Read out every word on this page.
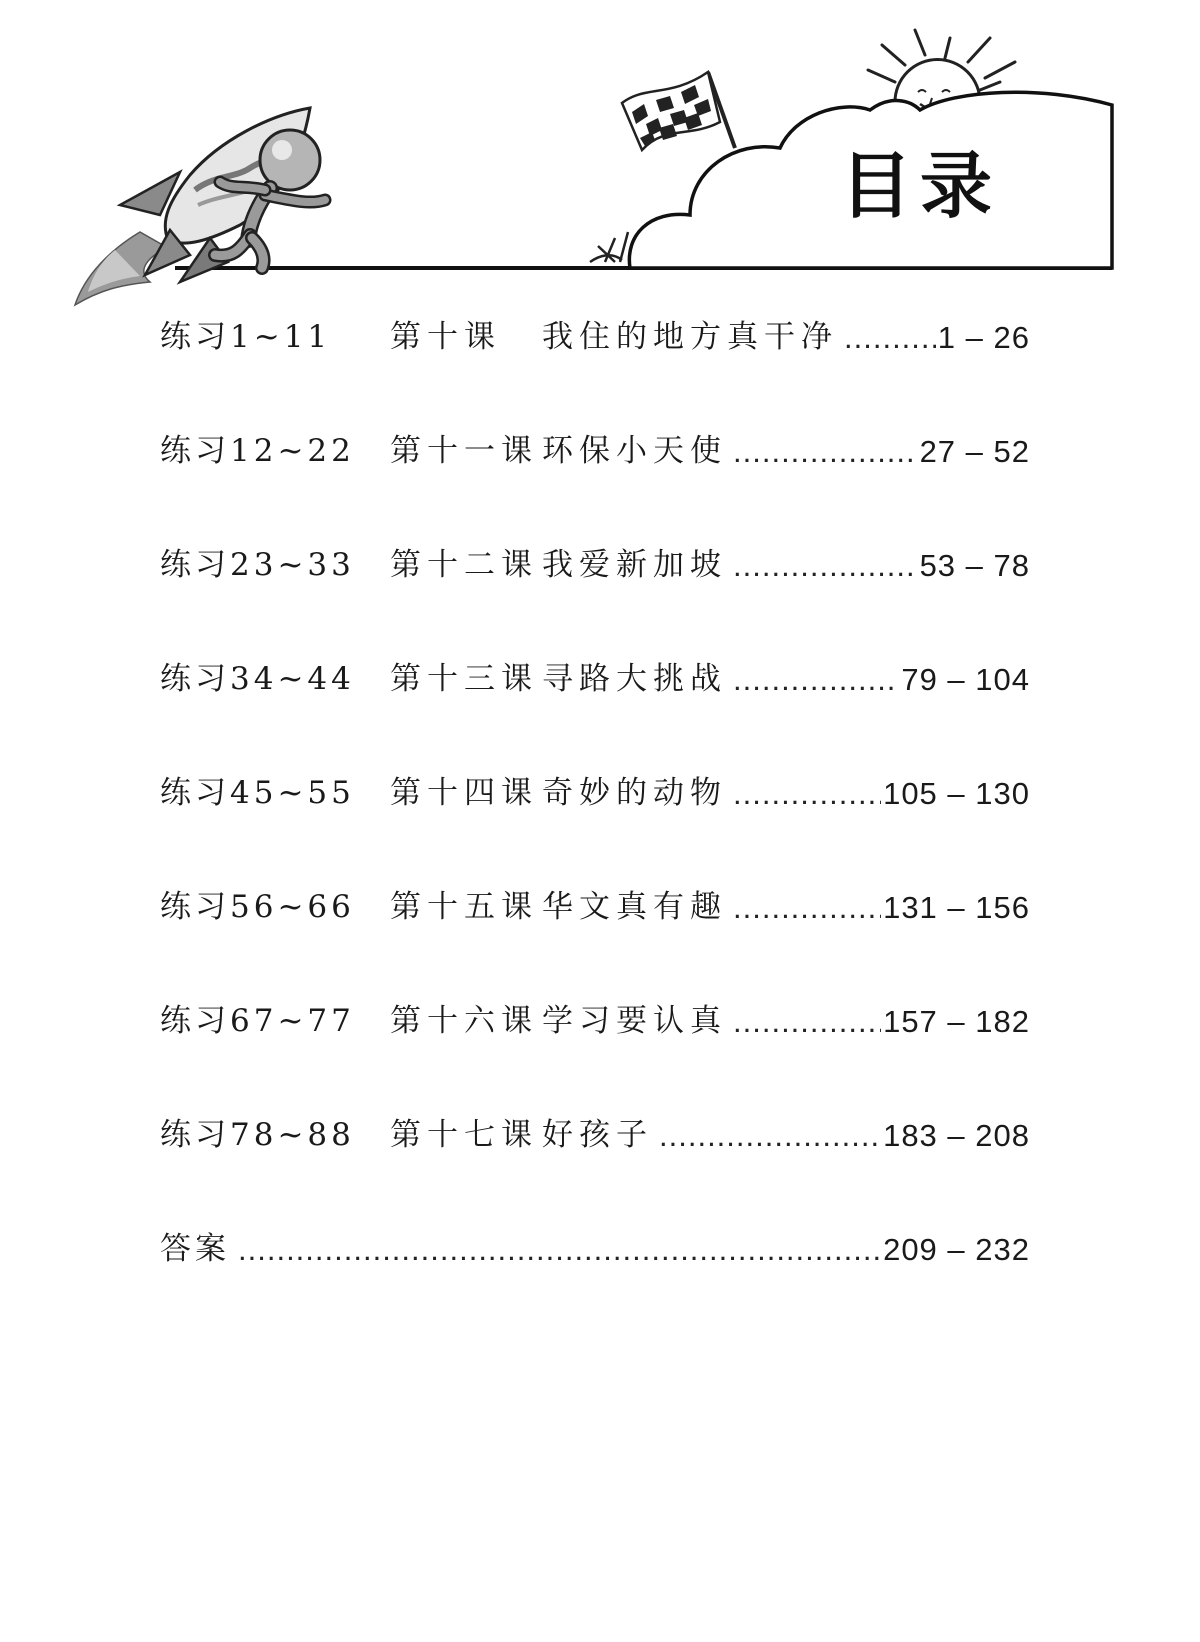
目录
练习1~11	第十课	我住的地方真干净 .....	1 – 26
练习12~22	第十一课 环保小天使 .....	27 – 52
练习23~33	第十二课 我爱新加坡 .....	53 – 78
练习34~44	第十三课 寻路大挑战 .....	79 – 104
练习45~55	第十四课 奇妙的动物 .....	105 – 130
练习56~66	第十五课 华文真有趣 .....	131 – 156
练习67~77	第十六课 学习要认真 .....	157 – 182
练习78~88	第十七课 好孩子 .....	183 – 208
答案 .....	209 – 232
